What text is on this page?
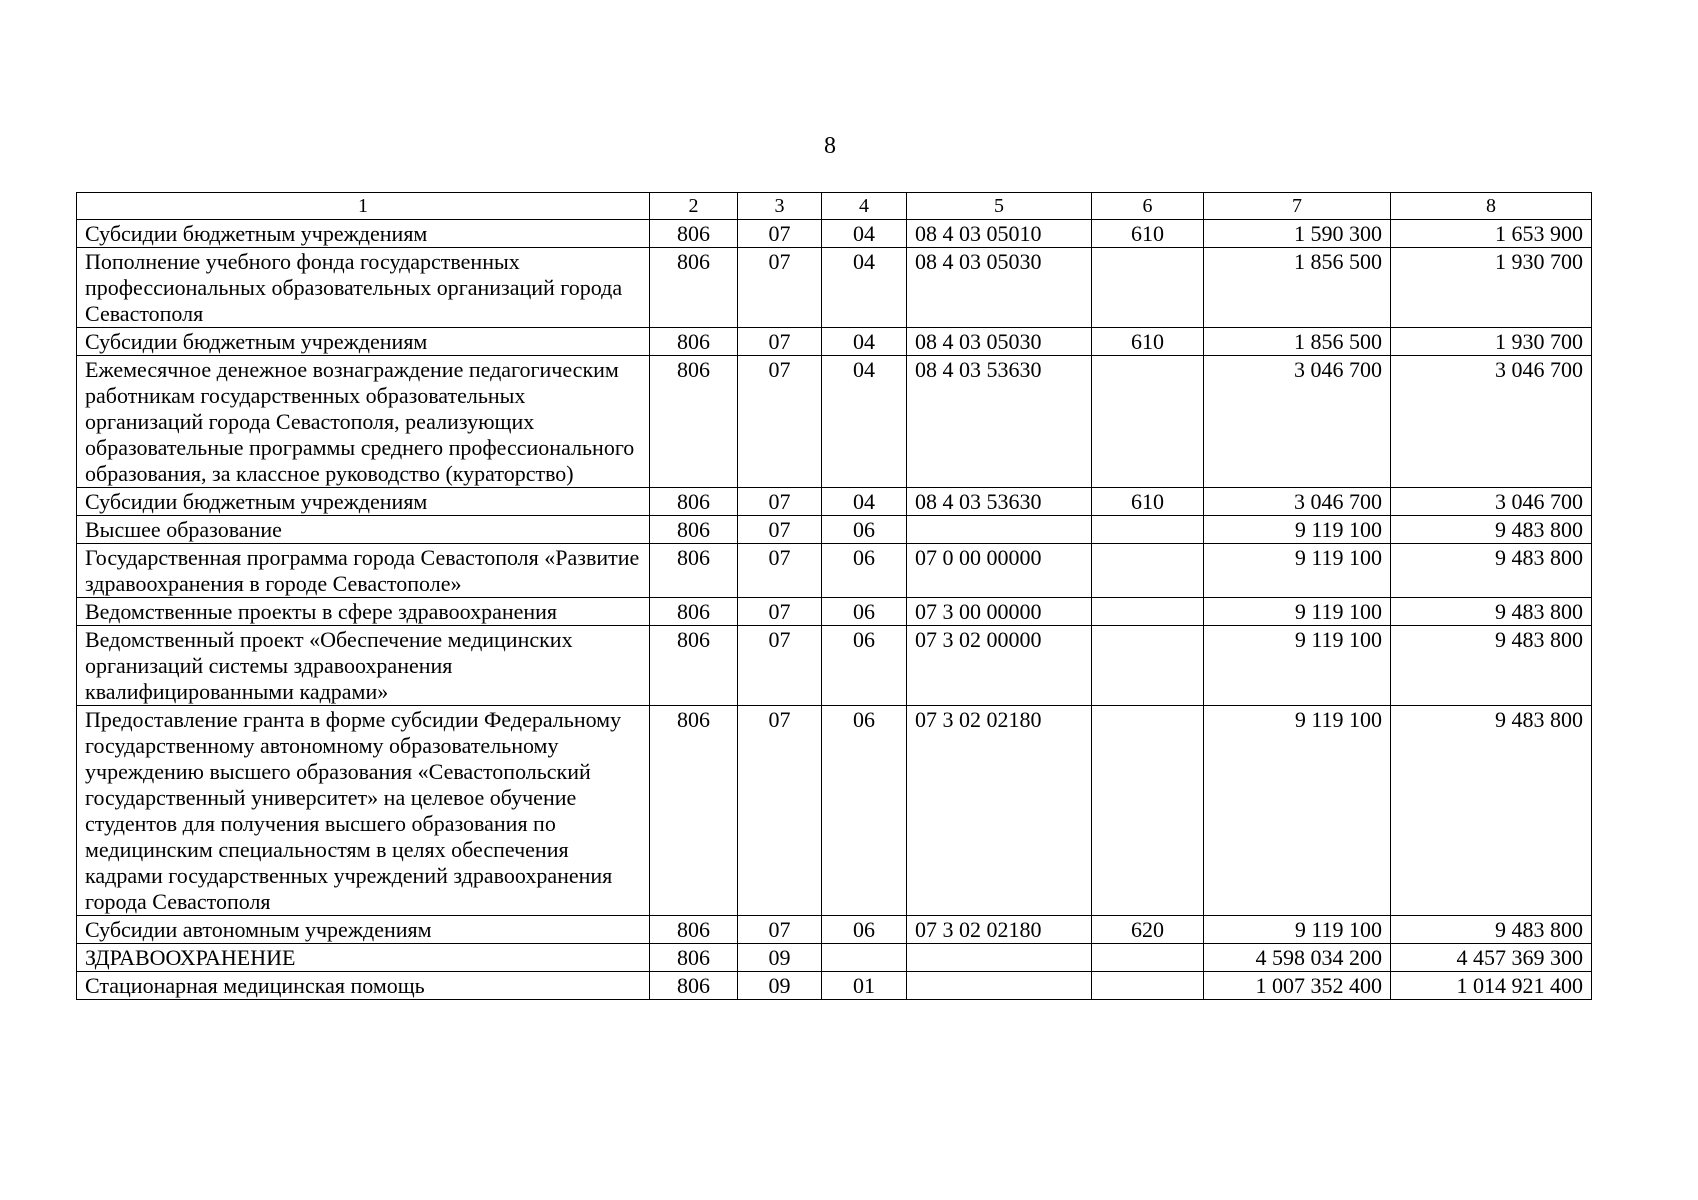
8
1	2	3	4	5	6	7	8
Субсидии бюджетным учреждениям	806	07	04	08 4 03 05010	610	1 590 300	1 653 900
Пополнение учебного фонда государственных профессиональных образовательных организаций города Севастополя	806	07	04	08 4 03 05030		1 856 500	1 930 700
Субсидии бюджетным учреждениям	806	07	04	08 4 03 05030	610	1 856 500	1 930 700
Ежемесячное денежное вознаграждение педагогическим работникам государственных образовательных организаций города Севастополя, реализующих образовательные программы среднего профессионального образования, за классное руководство (кураторство)	806	07	04	08 4 03 53630		3 046 700	3 046 700
Субсидии бюджетным учреждениям	806	07	04	08 4 03 53630	610	3 046 700	3 046 700
Высшее образование	806	07	06			9 119 100	9 483 800
Государственная программа города Севастополя «Развитие здравоохранения в городе Севастополе»	806	07	06	07 0 00 00000		9 119 100	9 483 800
Ведомственные проекты в сфере здравоохранения	806	07	06	07 3 00 00000		9 119 100	9 483 800
Ведомственный проект «Обеспечение медицинских организаций системы здравоохранения квалифицированными кадрами»	806	07	06	07 3 02 00000		9 119 100	9 483 800
Предоставление гранта в форме субсидии Федеральному государственному автономному образовательному учреждению высшего образования «Севастопольский государственный университет» на целевое обучение студентов для получения высшего образования по медицинским специальностям в целях обеспечения кадрами государственных учреждений здравоохранения города Севастополя	806	07	06	07 3 02 02180		9 119 100	9 483 800
Субсидии автономным учреждениям	806	07	06	07 3 02 02180	620	9 119 100	9 483 800
ЗДРАВООХРАНЕНИЕ	806	09				4 598 034 200	4 457 369 300
Стационарная медицинская помощь	806	09	01			1 007 352 400	1 014 921 400
